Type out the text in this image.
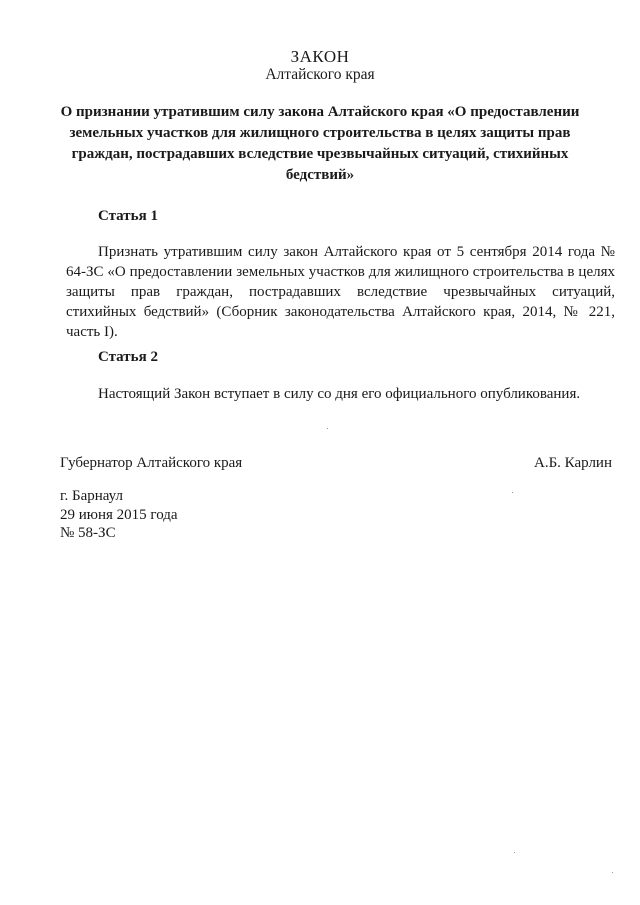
ЗАКОН
Алтайского края
О признании утратившим силу закона Алтайского края «О предоставлении земельных участков для жилищного строительства в целях защиты прав граждан, пострадавших вследствие чрезвычайных ситуаций, стихийных бедствий»
Статья 1
Признать утратившим силу закон Алтайского края от 5 сентября 2014 года № 64-ЗС «О предоставлении земельных участков для жилищного строительства в целях защиты прав граждан, пострадавших вследствие чрезвычайных ситуаций, стихийных бедствий» (Сборник законодательства Алтайского края, 2014, № 221, часть I).
Статья 2
Настоящий Закон вступает в силу со дня его официального опубликования.
Губернатор Алтайского края	А.Б. Карлин
г. Барнаул
29 июня 2015 года
№ 58-ЗС
